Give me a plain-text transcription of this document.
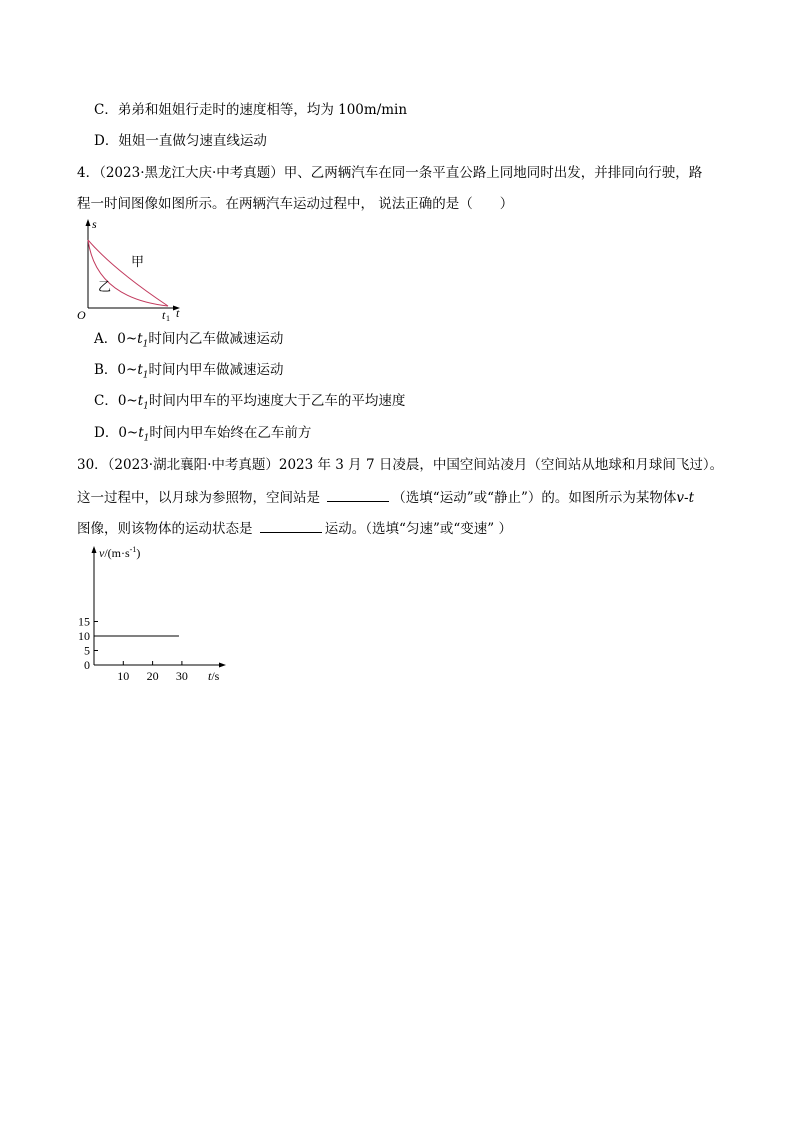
C．弟弟和姐姐行走时的速度相等，均为 100m/min
D．姐姐一直做匀速直线运动
4．（2023·黑龙江大庆·中考真题）甲、乙两辆汽车在同一条平直公路上同地同时出发，并排同向行驶，路
程一时间图像如图所示。在两辆汽车运动过程中， 说法正确的是（　　）
s
甲
乙
O	t 1 t
A．$0\sim t_1$时间内乙车做减速运动
B．$0\sim t_1$时间内甲车做减速运动
C．$0\sim t_1$时间内甲车的平均速度大于乙车的平均速度
D．$0\sim t_1$时间内甲车始终在乙车前方
30．（2023·湖北襄阳·中考真题）2023 年 3 月 7 日凌晨，中国空间站凌月（空间站从地球和月球间飞过）。
这一过程中，以月球为参照物，空间站是	（选填“运动”或“静止”）的。如图所示为某物体v-t
图像，则该物体的运动状态是	运动。（选填“匀速”或“变速” ）
$v/(m\cdot s^{-1})$
t/s
10 20 30
0
5
10
15
